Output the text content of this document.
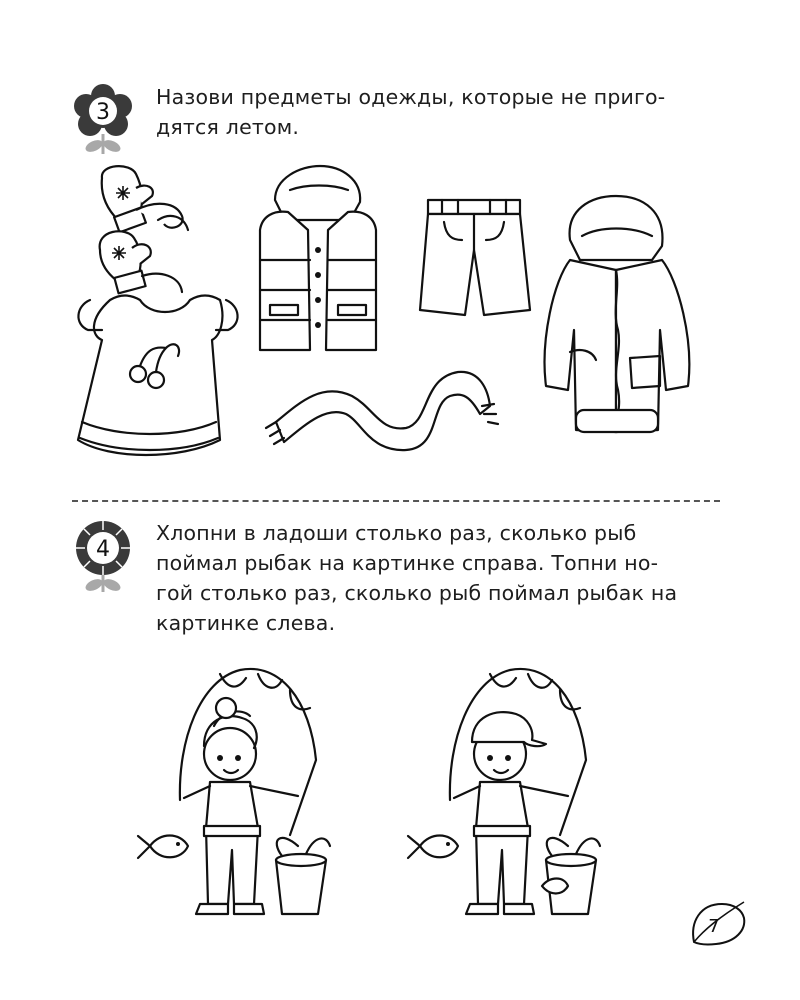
3
Назови предметы одежды, которые не приго-
дятся летом.
4
Хлопни в ладоши столько раз, сколько рыб
поймал рыбак на картинке справа. Топни но-
гой столько раз, сколько рыб поймал рыбак на
картинке слева.
7
